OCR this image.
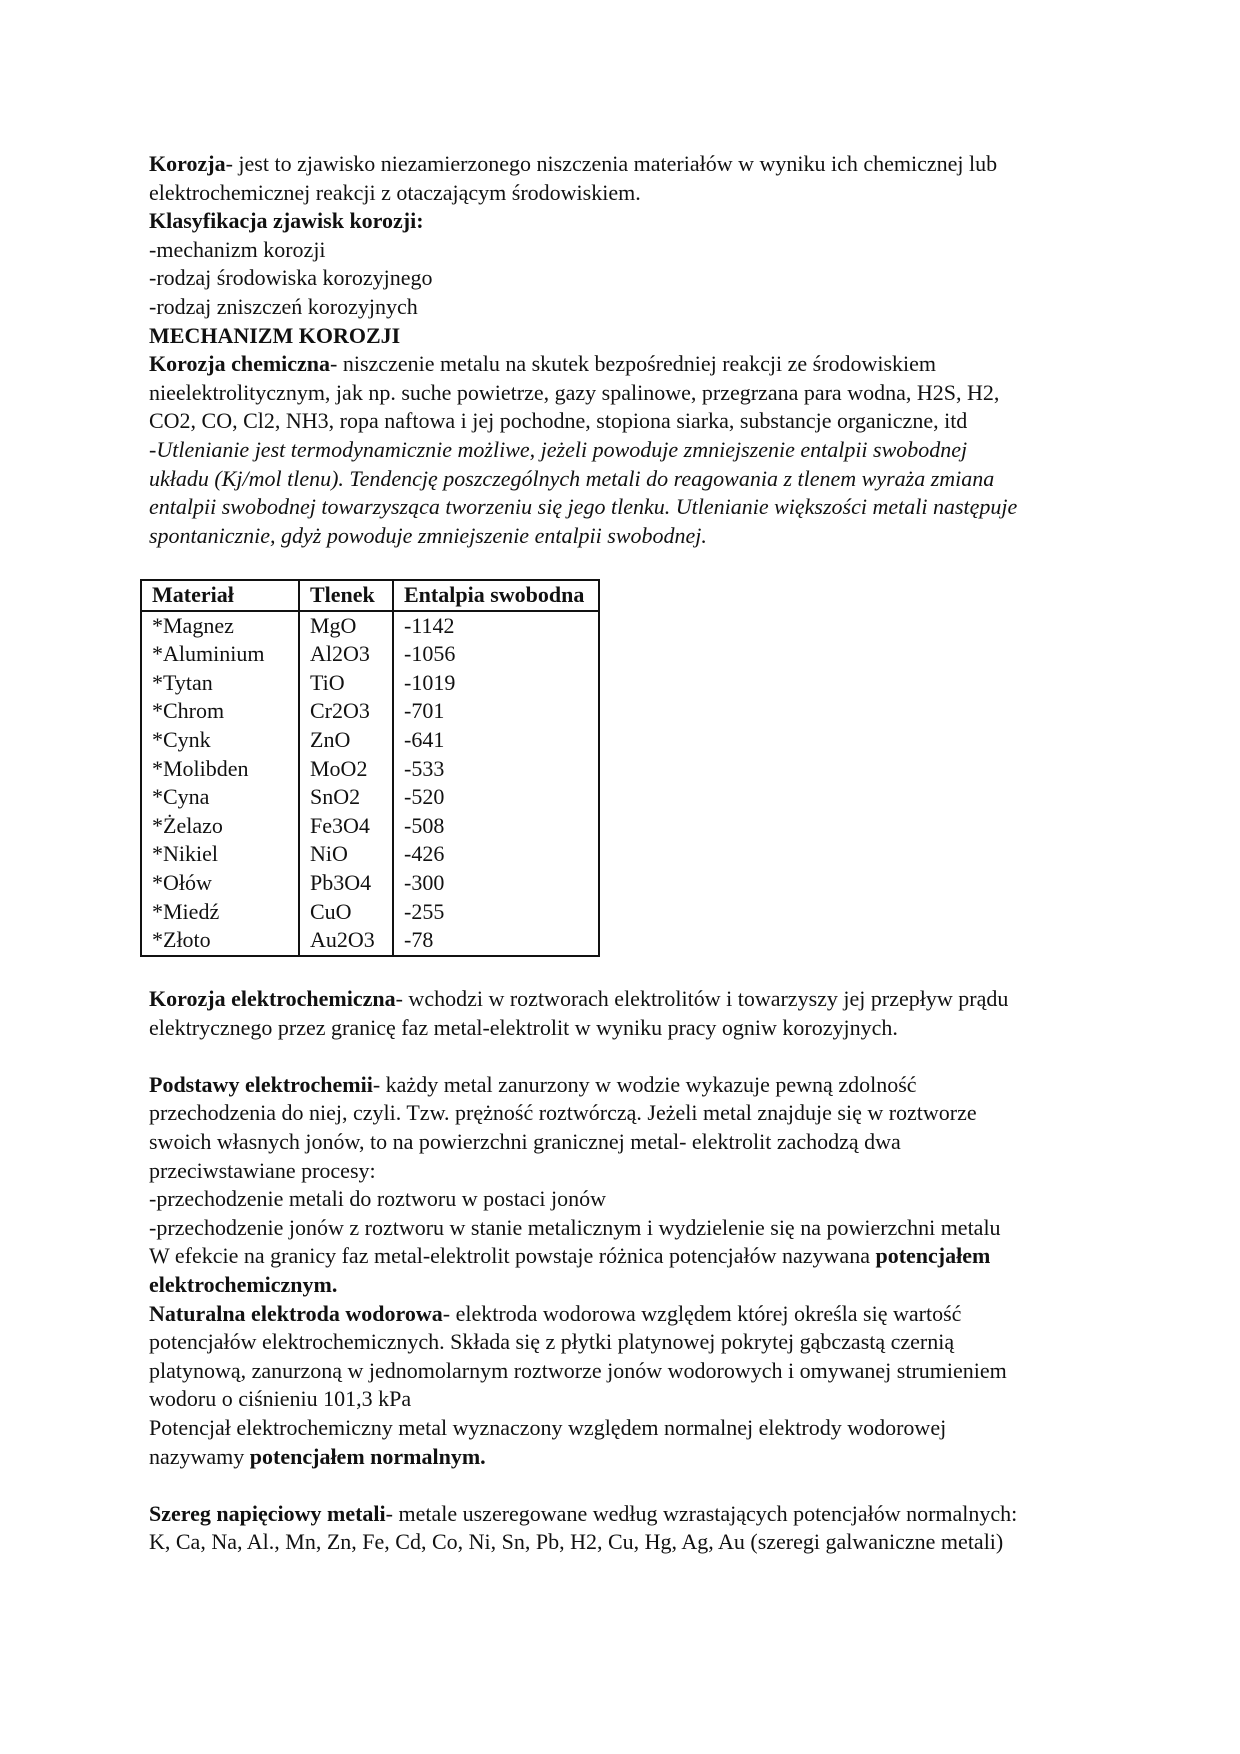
Korozja- jest to zjawisko niezamierzonego niszczenia materiałów w wyniku ich chemicznej lub
elektrochemicznej reakcji z otaczającym środowiskiem.
Klasyfikacja zjawisk korozji:
-mechanizm korozji
-rodzaj środowiska korozyjnego
-rodzaj zniszczeń korozyjnych
MECHANIZM KOROZJI
Korozja chemiczna- niszczenie metalu na skutek bezpośredniej reakcji ze środowiskiem
nieelektrolitycznym, jak np. suche powietrze, gazy spalinowe, przegrzana para wodna, H2S, H2,
CO2, CO, Cl2, NH3, ropa naftowa i jej pochodne, stopiona siarka, substancje organiczne, itd
-Utlenianie jest termodynamicznie możliwe, jeżeli powoduje zmniejszenie entalpii swobodnej
układu (Kj/mol tlenu). Tendencję poszczególnych metali do reagowania z tlenem wyraża zmiana
entalpii swobodnej towarzysząca tworzeniu się jego tlenku. Utlenianie większości metali następuje
spontanicznie, gdyż powoduje zmniejszenie entalpii swobodnej.
Materiał	Tlenek	Entalpia swobodna
*Magnez	MgO	-1142
*Aluminium	Al2O3	-1056
*Tytan	TiO	-1019
*Chrom	Cr2O3	-701
*Cynk	ZnO	-641
*Molibden	MoO2	-533
*Cyna	SnO2	-520
*Żelazo	Fe3O4	-508
*Nikiel	NiO	-426
*Ołów	Pb3O4	-300
*Miedź	CuO	-255
*Złoto	Au2O3	-78
Korozja elektrochemiczna- wchodzi w roztworach elektrolitów i towarzyszy jej przepływ prądu
elektrycznego przez granicę faz metal-elektrolit w wyniku pracy ogniw korozyjnych.
Podstawy elektrochemii- każdy metal zanurzony w wodzie wykazuje pewną zdolność
przechodzenia do niej, czyli. Tzw. prężność roztwórczą. Jeżeli metal znajduje się w roztworze
swoich własnych jonów, to na powierzchni granicznej metal- elektrolit zachodzą dwa
przeciwstawiane procesy:
-przechodzenie metali do roztworu w postaci jonów
-przechodzenie jonów z roztworu w stanie metalicznym i wydzielenie się na powierzchni metalu
W efekcie na granicy faz metal-elektrolit powstaje różnica potencjałów nazywana potencjałem
elektrochemicznym.
Naturalna elektroda wodorowa- elektroda wodorowa względem której określa się wartość
potencjałów elektrochemicznych. Składa się z płytki platynowej pokrytej gąbczastą czernią
platynową, zanurzoną w jednomolarnym roztworze jonów wodorowych i omywanej strumieniem
wodoru o ciśnieniu 101,3 kPa
Potencjał elektrochemiczny metal wyznaczony względem normalnej elektrody wodorowej
nazywamy potencjałem normalnym.
Szereg napięciowy metali- metale uszeregowane według wzrastających potencjałów normalnych:
K, Ca, Na, Al., Mn, Zn, Fe, Cd, Co, Ni, Sn, Pb, H2, Cu, Hg, Ag, Au (szeregi galwaniczne metali)
